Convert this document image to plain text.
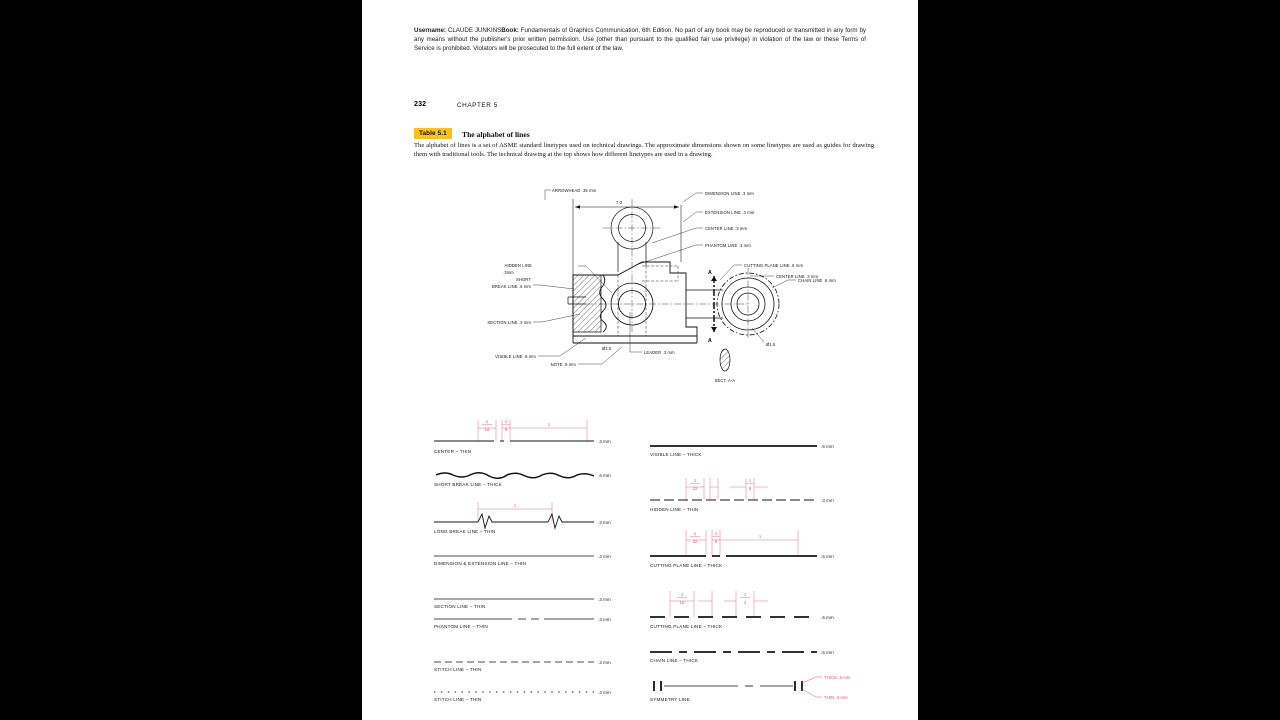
Username: CLAUDE JUNKINSBook: Fundamentals of Graphics Communication, 6th Edition. No part of any book may be reproduced or transmitted in any form by any means without the publisher's prior written permission. Use (other than pursuant to the qualified fair use privilege) in violation of the law or these Terms of Service is prohibited. Violators will be prosecuted to the full extent of the law.
232	CHAPTER 5
Table 5.1	The alphabet of lines
The alphabet of lines is a set of ASME standard linetypes used on technical drawings. The approximate dimensions shown on some linetypes are used as guides for drawing them with traditional tools. The technical drawing at the top shows how different linetypes are used in a drawing.
7.0
A
A
ARROWHEAD .35 mm
DIMENSION LINE .3 mm
EXTENSION LINE .3 mm
CENTER LINE .3 mm
PHANTOM LINE .3 mm
CUTTING PLANE LINE .6 mm
CENTER LINE .3 mm
CHAIN LINE .6 mm
HIDDEN LINE
.3mm
SHORT
BREAK LINE .6 mm
SECTION LINE .3 mm
VISIBLE LINE .6 mm
NOTE .5 mm
LEADER .3 mm
Ø1.5
Ø1.5
SECT. A-A
1
16
1
8
1
.3 mm
CENTER – THIN
.6 mm
SHORT BREAK LINE – THICK
1
.3 mm
LONG BREAK LINE – THIN
.3 mm
DIMENSION & EXTENSION LINE – THIN
.3 mm
SECTION LINE – THIN
.3 mm
PHANTOM LINE – THIN
.3 mm
STITCH LINE – THIN
.3 mm
STITCH LINE – THIN
.6 mm
VISIBLE LINE – THICK
1
32
1
8
.3 mm
HIDDEN LINE – THIN
1
32
1
8
1
.6 mm
CUTTING PLANE LINE – THICK
1
16
1
4
.6 mm
CUTTING PLANE LINE – THICK
.6 mm
CHAIN LINE – THICK
THICK .6 mm
THIN .3 mm
SYMMETRY LINE
